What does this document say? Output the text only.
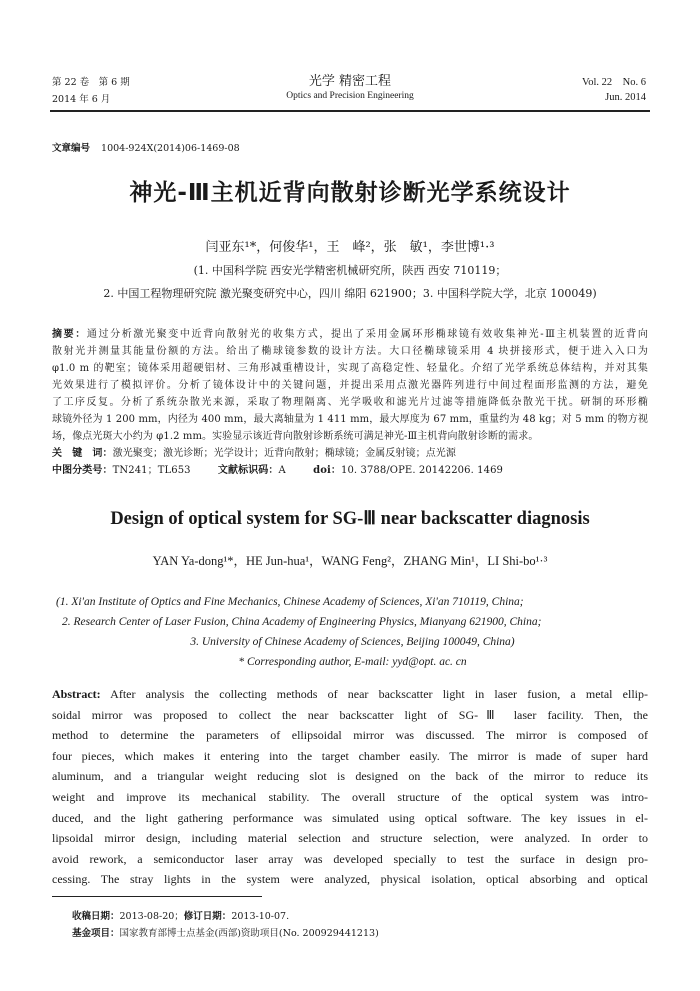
第 22 卷　第 6 期
2014 年 6 月
光学 精密工程
Optics and Precision Engineering
Vol. 22　No. 6
Jun. 2014
文章编号 1004-924X(2014)06-1469-08
神光-Ⅲ主机近背向散射诊断光学系统设计
闫亚东¹*，何俊华¹，王　峰²，张　敏¹，李世博¹·³
(1. 中国科学院 西安光学精密机械研究所，陕西 西安 710119；
2. 中国工程物理研究院 激光聚变研究中心，四川 绵阳 621900；3. 中国科学院大学，北京 100049)
摘要：通过分析激光聚变中近背向散射光的收集方式，提出了采用金属环形椭球镜有效收集神光-Ⅲ主机装置的近背向
散射光并测量其能量份额的方法。给出了椭球镜参数的设计方法。大口径椭球镜采用 4 块拼接形式，便于进入入口为
φ1.0 m 的靶室；镜体采用超硬铝材、三角形减重槽设计，实现了高稳定性、轻量化。介绍了光学系统总体结构，并对其集
光效果进行了模拟评价。分析了镜体设计中的关键问题，并提出采用点激光器阵列进行中间过程面形监测的方法，避免
了工序反复。分析了系统杂散光来源，采取了物理隔离、光学吸收和滤光片过滤等措施降低杂散光干扰。研制的环形椭
球镜外径为 1 200 mm，内径为 400 mm，最大离轴量为 1 411 mm，最大厚度为 67 mm，重量约为 48 kg；对 5 mm 的物方视
场，像点光斑大小约为 φ1.2 mm。实验显示该近背向散射诊断系统可满足神光-Ⅲ主机背向散射诊断的需求。
关　键　词：激光聚变；激光诊断；光学设计；近背向散射；椭球镜；金属反射镜；点光源
中图分类号：TN241；TL653	文献标识码：A	doi：10. 3788/OPE. 20142206. 1469
Design of optical system for SG-Ⅲ near backscatter diagnosis
YAN Ya-dong¹*，HE Jun-hua¹，WANG Feng²，ZHANG Min¹，LI Shi-bo¹·³
(1. Xi'an Institute of Optics and Fine Mechanics, Chinese Academy of Sciences, Xi'an 710119, China;
2. Research Center of Laser Fusion, China Academy of Engineering Physics, Mianyang 621900, China;
3. University of Chinese Academy of Sciences, Beijing 100049, China)
* Corresponding author, E-mail: yyd@opt. ac. cn
Abstract: After analysis the collecting methods of near backscatter light in laser fusion, a metal ellip-
soidal mirror was proposed to collect the near backscatter light of SG-Ⅲ laser facility. Then, the
method to determine the parameters of ellipsoidal mirror was discussed. The mirror is composed of
four pieces, which makes it entering into the target chamber easily. The mirror is made of super hard
aluminum, and a triangular weight reducing slot is designed on the back of the mirror to reduce its
weight and improve its mechanical stability. The overall structure of the optical system was intro-
duced, and the light gathering performance was simulated using optical software. The key issues in el-
lipsoidal mirror design, including material selection and structure selection, were analyzed. In order to
avoid rework, a semiconductor laser array was developed specially to test the surface in design pro-
cessing. The stray lights in the system were analyzed, physical isolation, optical absorbing and optical
收稿日期：2013-08-20；修订日期：2013-10-07.
基金项目：国家教育部博士点基金(西部)资助项目(No. 200929441213)
